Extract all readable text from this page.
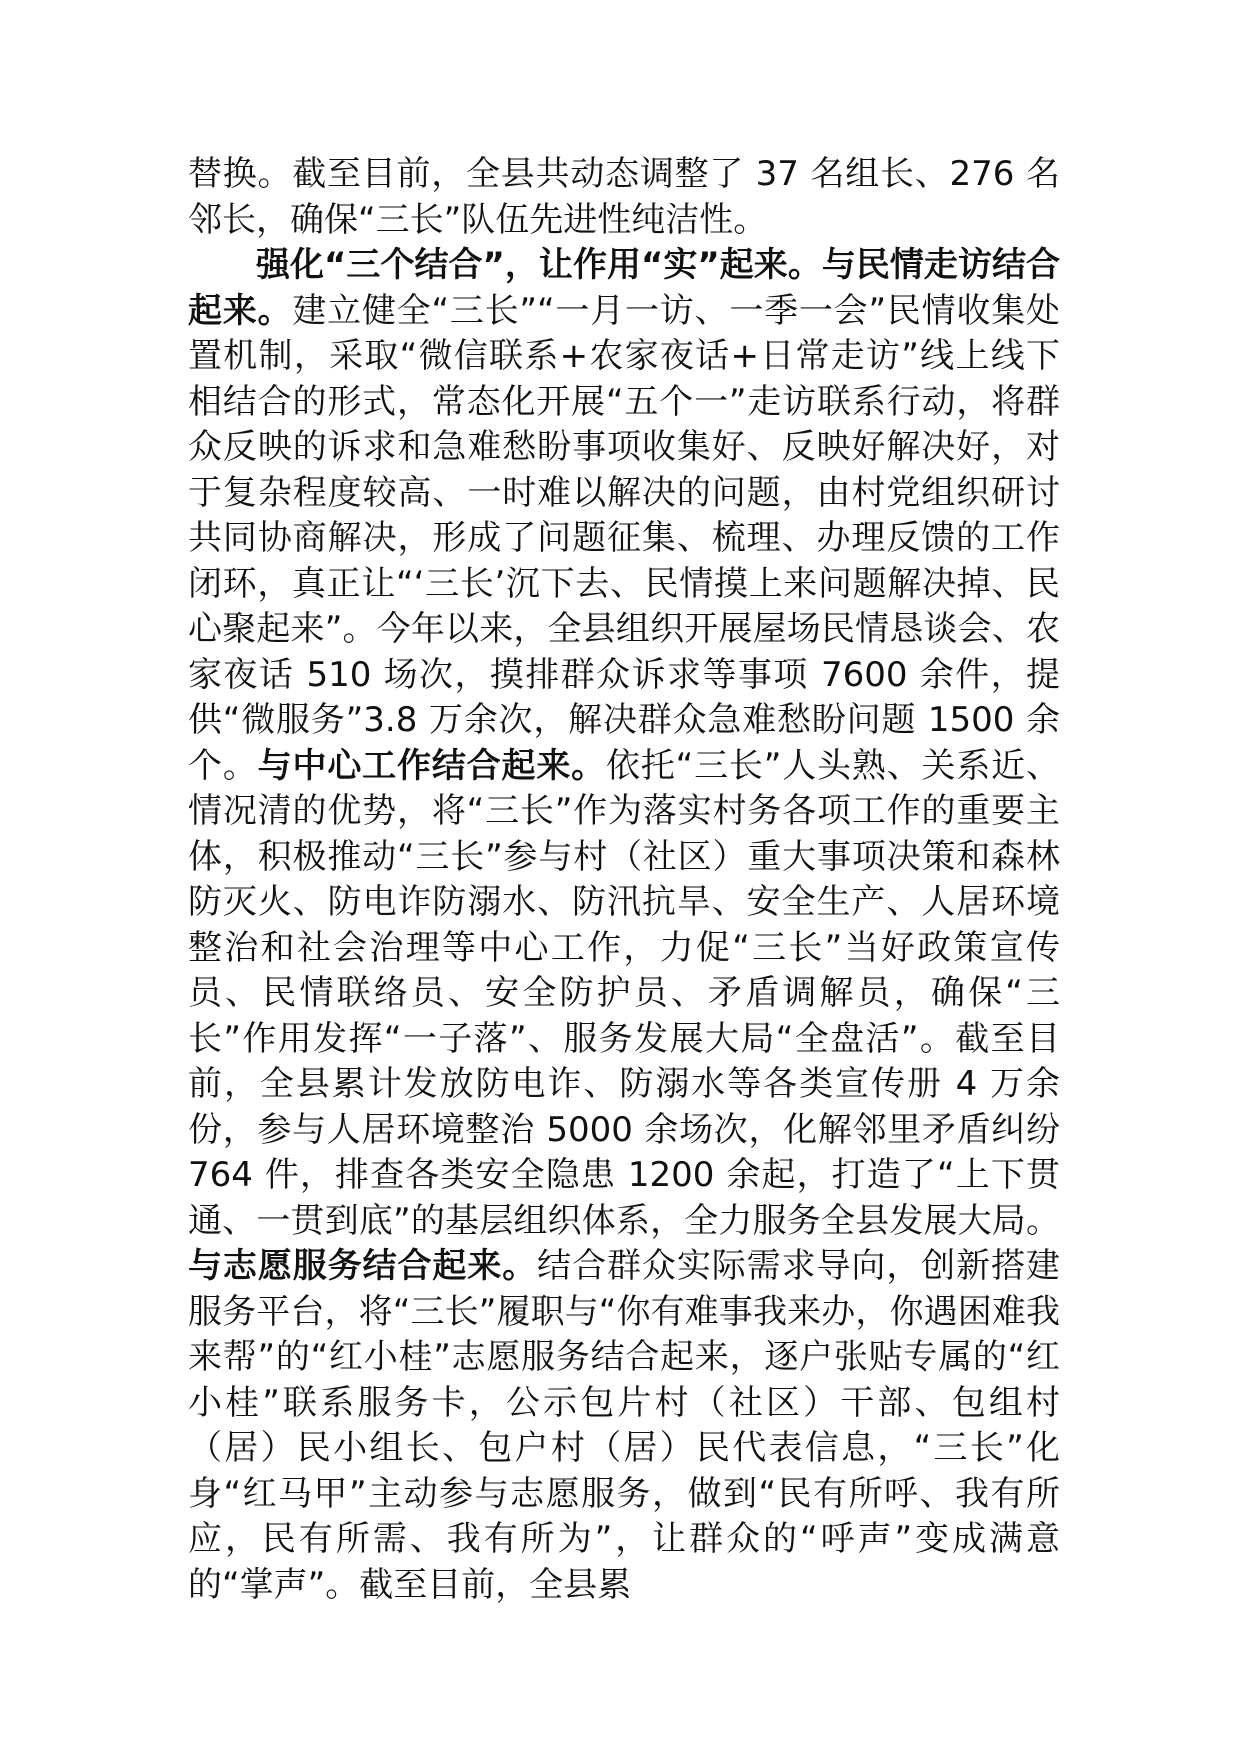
替换。截至目前，全县共动态调整了 37 名组长、276 名邻长，确保“三长”队伍先进性纯洁性。

强化“三个结合”，让作用“实”起来。与民情走访结合起来。建立健全“三长”“一月一访、一季一会”民情收集处置机制，采取“微信联系+农家夜话+日常走访”线上线下相结合的形式，常态化开展“五个一”走访联系行动，将群众反映的诉求和急难愁盼事项收集好、反映好解决好，对于复杂程度较高、一时难以解决的问题，由村党组织研讨共同协商解决，形成了问题征集、梳理、办理反馈的工作闭环，真正让“‘三长’沉下去、民情摸上来问题解决掉、民心聚起来”。今年以来，全县组织开展屋场民情恳谈会、农家夜话 510 场次，摸排群众诉求等事项 7600 余件，提供“微服务”3.8 万余次，解决群众急难愁盼问题 1500 余个。与中心工作结合起来。依托“三长”人头熟、关系近、情况清的优势，将“三长”作为落实村务各项工作的重要主体，积极推动“三长”参与村（社区）重大事项决策和森林防灭火、防电诈防溺水、防汛抗旱、安全生产、人居环境整治和社会治理等中心工作，力促“三长”当好政策宣传员、民情联络员、安全防护员、矛盾调解员，确保“三长”作用发挥“一子落”、服务发展大局“全盘活”。截至目前，全县累计发放防电诈、防溺水等各类宣传册 4 万余份，参与人居环境整治 5000 余场次，化解邻里矛盾纠纷 764 件，排查各类安全隐患 1200 余起，打造了“上下贯通、一贯到底”的基层组织体系，全力服务全县发展大局。与志愿服务结合起来。结合群众实际需求导向，创新搭建服务平台，将“三长”履职与“你有难事我来办，你遇困难我来帮”的“红小桂”志愿服务结合起来，逐户张贴专属的“红小桂”联系服务卡，公示包片村（社区）干部、包组村（居）民小组长、包户村（居）民代表信息，“三长”化身“红马甲”主动参与志愿服务，做到“民有所呼、我有所应，民有所需、我有所为”，让群众的“呼声”变成满意的“掌声”。截至目前，全县累
